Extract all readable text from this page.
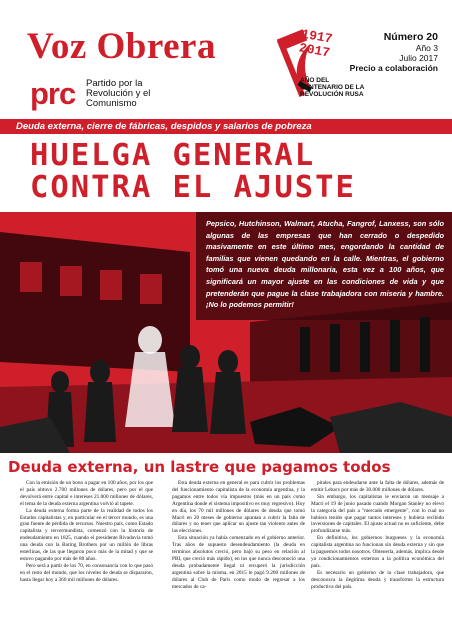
Voz Obrera
prc Partido por la
Revolución y el
Comunismo
1917
2017
AÑO DEL
CENTENARIO DE LA
REVOLUCIÓN RUSA
Número 20
Año 3
Julio 2017
Precio a colaboración
Deuda externa, cierre de fábricas, despidos y salarios de pobreza
HUELGA GENERAL
CONTRA EL AJUSTE
Pepsico, Hutchinson, Walmart, Atucha, Fangrof, Lanxess, son sólo algunas de las empresas que han cerrado o despedido masivamente en este último mes, engordando la cantidad de familias que vienen quedando en la calle. Mientras, el gobierno tomó una nueva deuda millonaria, esta vez a 100 años, que significará un mayor ajuste en las condiciones de vida y que pretenderán que pague la clase trabajadora con miseria y hambre. ¡No lo podemos permitir!
Deuda externa, un lastre que pagamos todos

Con la emisión de un bono a pagar en 100 años, por los que el país obtuvo 2.700 millones de dólares, pero por el que devolverá entre capital e intereses 21.000 millones de dólares, el tema de la deuda externa argentina volvió al tapete.

La deuda externa forma parte de la realidad de todos los Estados capitalistas y, en particular en el tercer mundo, es una gran fuente de pérdida de recursos. Nuestro país, como Estado capitalista y tercermundista, comenzó con la historia de endeudamiento en 1825, cuando el presidente Rivadavia tomó una deuda con la Baring Brothers por un millón de libras esterlinas, de las que llegaron poco más de la mitad y que se estuvo pagando por más de 80 años.

Pero será a partir de los 70, en consonancia con lo que pasó en el resto del mundo, que los niveles de deuda se dispararon, hasta llegar hoy a 360 mil millones de dólares.

Esta deuda externa en general es para cubrir los problemas del funcionamiento capitalista de la economía argentina, y la pagamos entre todos vía impuestos (más en un país como Argentina donde el sistema impositivo es muy regresivo). Hoy en día, los 70 mil millones de dólares de deuda que tomó Macri en 20 meses de gobierno apuntan a cubrir la falta de dólares y no tener que aplicar un ajuste tan violento antes de las elecciones.

Esta situación ya había comenzado en el gobierno anterior. Tras años de supuesto desendeudamiento (la deuda en términos absolutos creció, pero bajó su peso en relación al PBI, que creció más rápido), en los que nunca desconoció una deuda probadamente ilegal ni recuperó la jurisdicción argentina sobre la misma, en 2015 le pagó 9.200 millones de dólares al Club de París como modo de regresar a los mercados de ca-

pitales para endeudarse ante la falta de dólares, además de emitir Lebacs por más de 30.000 millones de dólares.

Sin embargo, los capitalistas le enviaron un mensaje a Macri el 19 de junio pasado cuando Morgan Stanley no elevó la categoría del país a "mercado emergente", con lo cual no hubiera tenido que pagar tantos intereses y hubiera recibido inversiones de capitales. El ajuste actual no es suficiente, debe profundizarse más.

En definitiva, los gobiernos burgueses y la economía capitalista argentina no funcionan sin deuda externa y sin que la paguemos todos nosotros. Obtenerla, además, implica desde ya condicionamientos externos a la política económica del país.

Es necesario un gobierno de la clase trabajadora, que desconozca la ilegítima deuda y transforme la estructura productiva del país.
